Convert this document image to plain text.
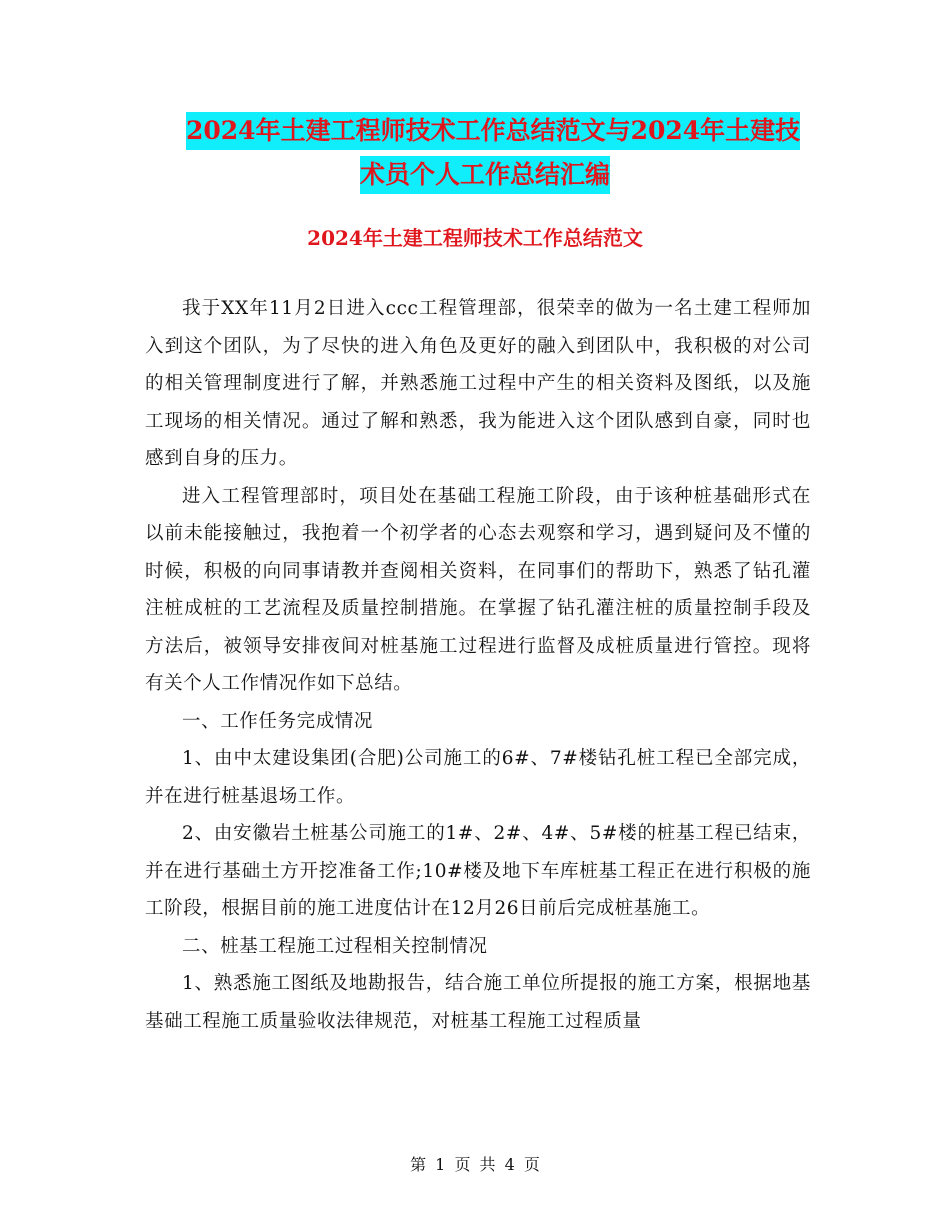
2024年土建工程师技术工作总结范文与2024年土建技
术员个人工作总结汇编
2024年土建工程师技术工作总结范文

我于XX年11月2日进入ccc工程管理部，很荣幸的做为一名土建工程师加入到这个团队，为了尽快的进入角色及更好的融入到团队中，我积极的对公司的相关管理制度进行了解，并熟悉施工过程中产生的相关资料及图纸，以及施工现场的相关情况。通过了解和熟悉，我为能进入这个团队感到自豪，同时也感到自身的压力。

进入工程管理部时，项目处在基础工程施工阶段，由于该种桩基础形式在以前未能接触过，我抱着一个初学者的心态去观察和学习，遇到疑问及不懂的时候，积极的向同事请教并查阅相关资料，在同事们的帮助下，熟悉了钻孔灌注桩成桩的工艺流程及质量控制措施。在掌握了钻孔灌注桩的质量控制手段及方法后，被领导安排夜间对桩基施工过程进行监督及成桩质量进行管控。现将有关个人工作情况作如下总结。

一、工作任务完成情况

1、由中太建设集团(合肥)公司施工的6#、7#楼钻孔桩工程已全部完成，并在进行桩基退场工作。

2、由安徽岩土桩基公司施工的1#、2#、4#、5#楼的桩基工程已结束，并在进行基础土方开挖准备工作;10#楼及地下车库桩基工程正在进行积极的施工阶段，根据目前的施工进度估计在12月26日前后完成桩基施工。

二、桩基工程施工过程相关控制情况

1、熟悉施工图纸及地勘报告，结合施工单位所提报的施工方案，根据地基基础工程施工质量验收法律规范，对桩基工程施工过程质量

第 1 页 共 4 页
